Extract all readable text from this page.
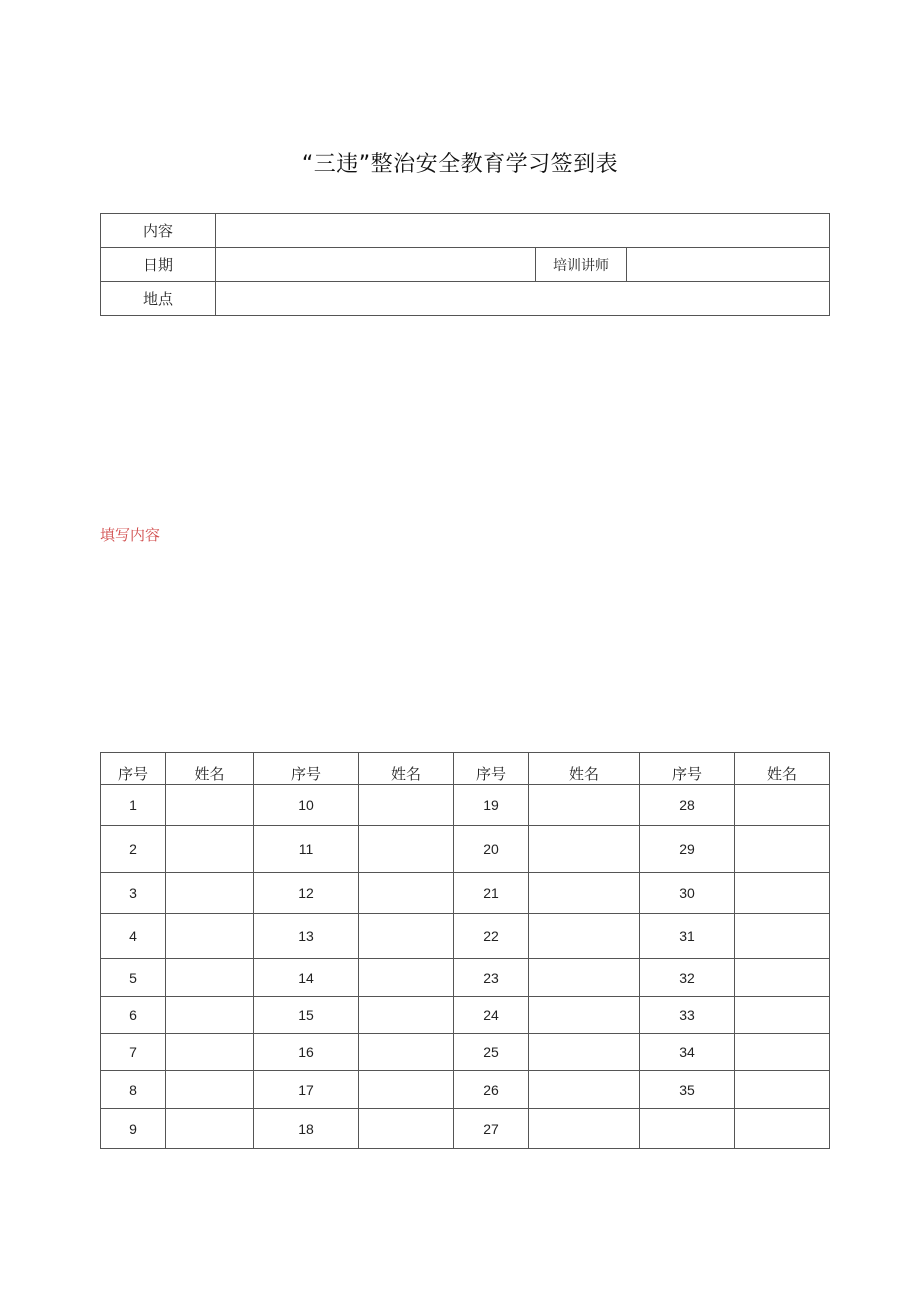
“三违”整治安全教育学习签到表
内容			
日期		培训讲师	
地点			
填写内容
序号	姓名	序号	姓名	序号	姓名	序号	姓名
1		10		19		28	
2		11		20		29	
3		12		21		30	
4		13		22		31	
5		14		23		32	
6		15		24		33	
7		16		25		34	
8		17		26		35	
9		18		27			
